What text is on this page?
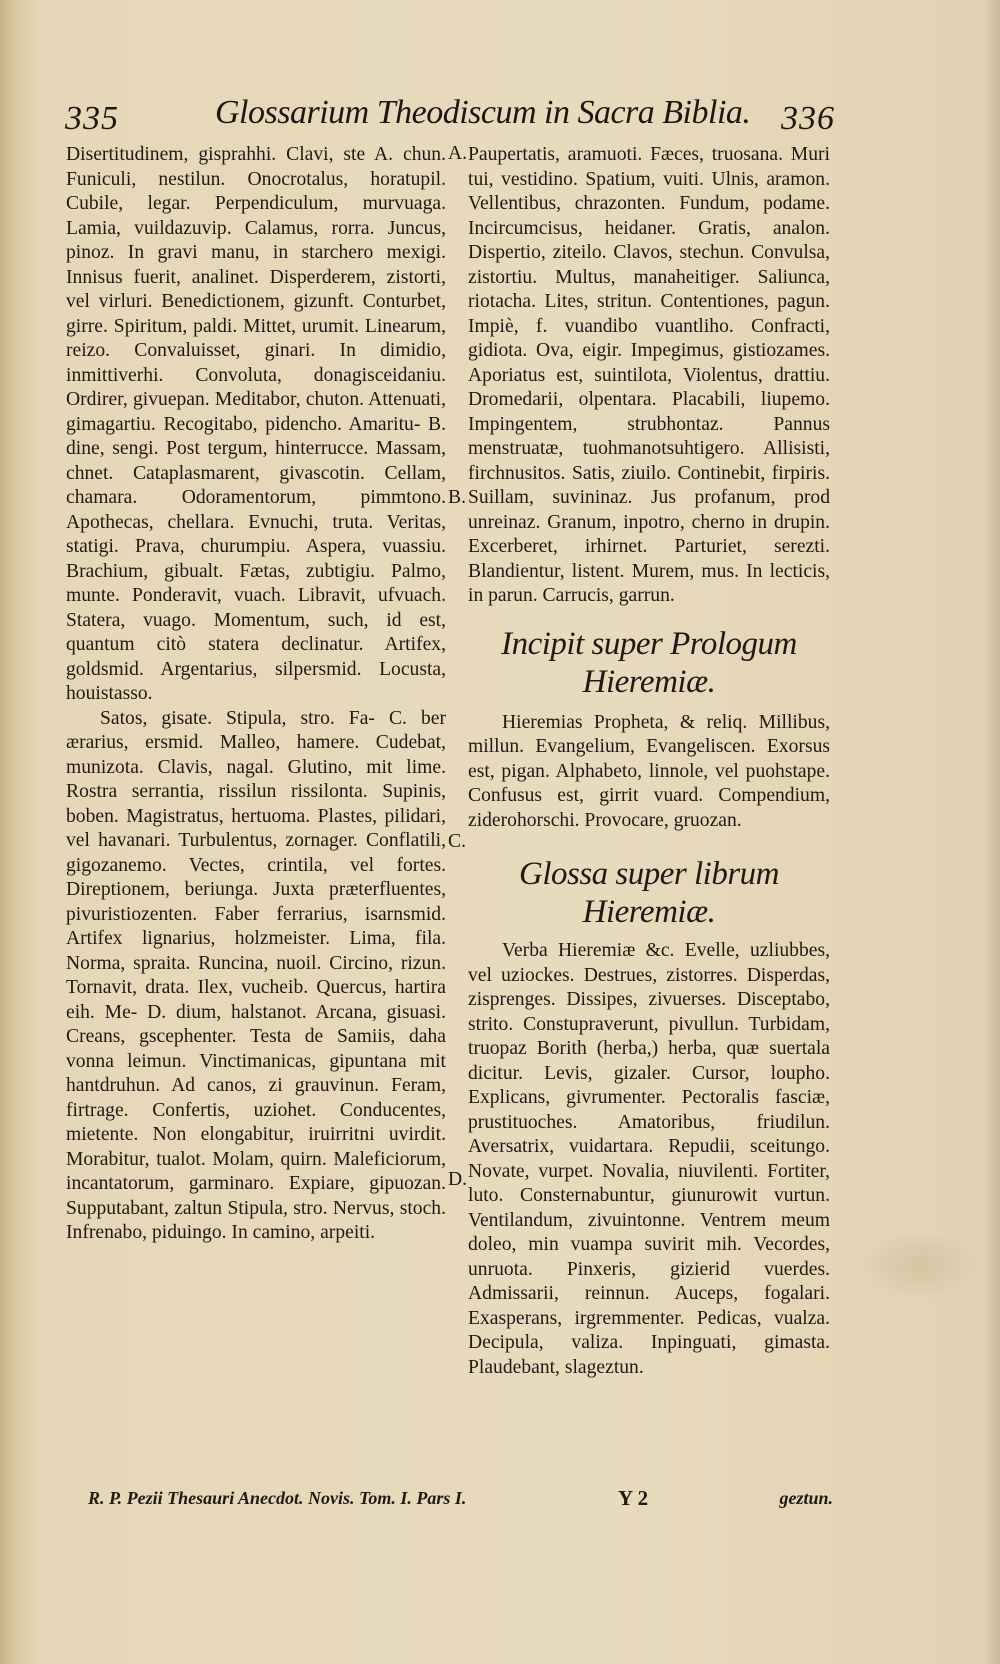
335	Glossarium Theodiscum in Sacra Biblia. 336

Disertitudinem, gisprahhi. Clavi, ste A. chun. Funiculi, nestilun. Onocrotalus, horatupil. Cubile, legar. Perpendiculum, murvuaga. Lamia, vuildazuvip. Calamus, rorra. Juncus, pinoz. In gravi manu, in starchero mexigi. Innisus fuerit, analinet. Disperderem, zistorti, vel virluri. Benedictionem, gizunft. Conturbet, girre. Spiritum, paldi. Mittet, urumit. Linearum, reizo. Convaluisset, ginari. In dimidio, inmittiverhi. Convoluta, donagisceidaniu. Ordirer, givuepan. Meditabor, chuton. Attenuati, gimagartiu. Recogitabo, pidencho. Amaritu- B. dine, sengi. Post tergum, hinterrucce. Massam, chnet. Cataplasmarent, givascotin. Cellam, chamara. Odoramentorum, pimmtono. Apothecas, chellara. Evnuchi, truta. Veritas, statigi. Prava, churumpiu. Aspera, vuassiu. Brachium, gibualt. Fætas, zubtigiu. Palmo, munte. Ponderavit, vuach. Libravit, ufvuach. Statera, vuago. Momentum, such, id est, quantum citò statera declinatur. Artifex, goldsmid. Argentarius, silpersmid. Locusta, houistasso.

Satos, gisate. Stipula, stro. Fa- C. ber ærarius, ersmid. Malleo, hamere. Cudebat, munizota. Clavis, nagal. Glutino, mit lime. Rostra serrantia, rissilun rissilonta. Supinis, boben. Magistratus, hertuoma. Plastes, pilidari, vel havanari. Turbulentus, zornager. Conflatili, gigozanemo. Vectes, crintila, vel fortes. Direptionem, beriunga. Juxta præterfluentes, pivuristiozenten. Faber ferrarius, isarnsmid. Artifex lignarius, holzmeister. Lima, fila. Norma, spraita. Runcina, nuoil. Circino, rizun. Tornavit, drata. Ilex, vucheib. Quercus, hartira eih. Me- D. dium, halstanot. Arcana, gisuasi. Creans, gscephenter. Testa de Samiis, daha vonna leimun. Vinctimanicas, gipuntana mit hantdruhun. Ad canos, zi grauvinun. Feram, firtrage. Confertis, uziohet. Conducentes, mietente. Non elongabitur, iruirritni uvirdit. Morabitur, tualot. Molam, quirn. Maleficiorum, incantatorum, garminaro. Expiare, gipuozan. Supputabant, zaltun Stipula, stro. Nervus, stoch. Infrenabo, piduingo. In camino, arpeiti.

A.
B.
C.
D.

Paupertatis, aramuoti. Fæces, truosana. Muri tui, vestidino. Spatium, vuiti. Ulnis, aramon. Vellentibus, chrazonten. Fundum, podame. Incircumcisus, heidaner. Gratis, analon. Dispertio, ziteilo. Clavos, stechun. Convulsa, zistortiu. Multus, manaheitiger. Saliunca, riotacha. Lites, stritun. Contentiones, pagun. Impiè, f. vuandibo vuantliho. Confracti, gidiota. Ova, eigir. Impegimus, gistiozames. Aporiatus est, suintilota, Violentus, drattiu. Dromedarii, olpentara. Placabili, liupemo. Impingentem, strubhontaz. Pannus menstruatæ, tuohmanotsuhtigero. Allisisti, firchnusitos. Satis, ziuilo. Continebit, firpiris. Suillam, suvininaz. Jus profanum, prod unreinaz. Granum, inpotro, cherno in drupin. Excerberet, irhirnet. Parturiet, serezti. Blandientur, listent. Murem, mus. In lecticis, in parun. Carrucis, garrun.

Incipit super Prologum Hieremiæ.

Hieremias Propheta, & reliq. Millibus, millun. Evangelium, Evangeliscen. Exorsus est, pigan. Alphabeto, linnole, vel puohstape. Confusus est, girrit vuard. Compendium, ziderohorschi. Provocare, gruozan.

Glossa super librum Hieremiæ.

Verba Hieremiæ &c. Evelle, uzliubbes, vel uziockes. Destrues, zistorres. Disperdas, zisprenges. Dissipes, zivuerses. Disceptabo, strito. Constupraverunt, pivullun. Turbidam, truopaz Borith (herba,) herba, quæ suertala dicitur. Levis, gizaler. Cursor, loupho. Explicans, givrumenter. Pectoralis fasciæ, prustituoches. Amatoribus, friudilun. Aversatrix, vuidartara. Repudii, sceitungo. Novate, vurpet. Novalia, niuvilenti. Fortiter, luto. Consternabuntur, giunurowit vurtun. Ventilandum, zivuintonne. Ventrem meum doleo, min vuampa suvirit mih. Vecordes, unruota. Pinxeris, gizierid vuerdes. Admissarii, reinnun. Auceps, fogalari. Exasperans, irgremmenter. Pedicas, vualza. Decipula, valiza. Inpinguati, gimasta. Plaudebant, slageztun.

R. P. Pezii Thesauri Anecdot. Novis. Tom. I. Pars I.	Y 2	geztun.
